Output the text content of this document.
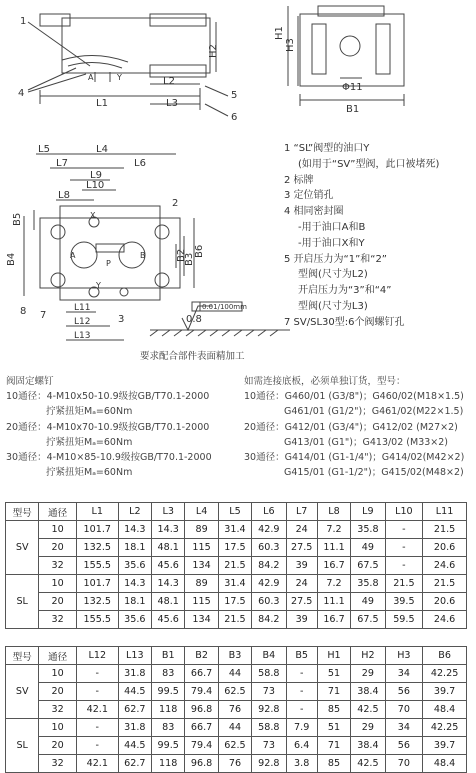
1
4
L1
L2
L3
5
6
H2
A	Y
H1
H3
Φ11
B1
L5	L4
L7
L9
L10
L8
L6
B5
B4
B6
B3
B2
2
8 7	3
L11
L12
L13
A	B
P
X
Y
0.8
0.01/100mm
要求配合部件表面精加工
1 “SL”阀型的油口Y
(如用于“SV”型阀，此口被堵死)
2 标牌
3 定位销孔
4 相同密封圈
-用于油口A和B
-用于油口X和Y
5 开启压力为“1”和“2”
型阀(尺寸为L2)
开启压力为“3”和“4”
型阀(尺寸为L3)
7 SV/SL30型:6个阀螺钉孔
阀固定螺钉
10通径：4-M10x50-10.9级按GB/T70.1-2000
拧紧扭矩Mₐ=60Nm
20通径：4-M10x70-10.9级按GB/T70.1-2000
拧紧扭矩Mₐ=60Nm
30通径：4-M10×85-10.9级按GB/T70.1-2000
拧紧扭矩Mₐ=60Nm
如需连接底板，必须单独订货，型号：
10通径：G460/01 (G3/8")；G460/02(M18×1.5)
G461/01 (G1/2")；G461/02(M22×1.5)
20通径：G412/01 (G3/4")；G412/02 (M27×2)
G413/01 (G1")；G413/02 (M33×2)
30通径：G414/01 (G1-1/4")；G414/02(M42×2)
G415/01 (G1-1/2")；G415/02(M48×2)
型号	通径	L1	L2	L3	L4	L5	L6	L7	L8	L9	L10	L11
SV	10	101.7	14.3	14.3	89	31.4	42.9	24	7.2	35.8	-	21.5
	20	132.5	18.1	48.1	115	17.5	60.3	27.5	11.1	49	-	20.6
	32	155.5	35.6	45.6	134	21.5	84.2	39	16.7	67.5	-	24.6
SL	10	101.7	14.3	14.3	89	31.4	42.9	24	7.2	35.8	21.5	21.5
	20	132.5	18.1	48.1	115	17.5	60.3	27.5	11.1	49	39.5	20.6
	32	155.5	35.6	45.6	134	21.5	84.2	39	16.7	67.5	59.5	24.6
型号	通径	L12	L13	B1	B2	B3	B4	B5	H1	H2	H3	B6
SV	10	-	31.8	83	66.7	44	58.8	-	51	29	34	42.25
	20	-	44.5	99.5	79.4	62.5	73	-	71	38.4	56	39.7
	32	42.1	62.7	118	96.8	76	92.8	-	85	42.5	70	48.4
SL	10	-	31.8	83	66.7	44	58.8	7.9	51	29	34	42.25
	20	-	44.5	99.5	79.4	62.5	73	6.4	71	38.4	56	39.7
	32	42.1	62.7	118	96.8	76	92.8	3.8	85	42.5	70	48.4
